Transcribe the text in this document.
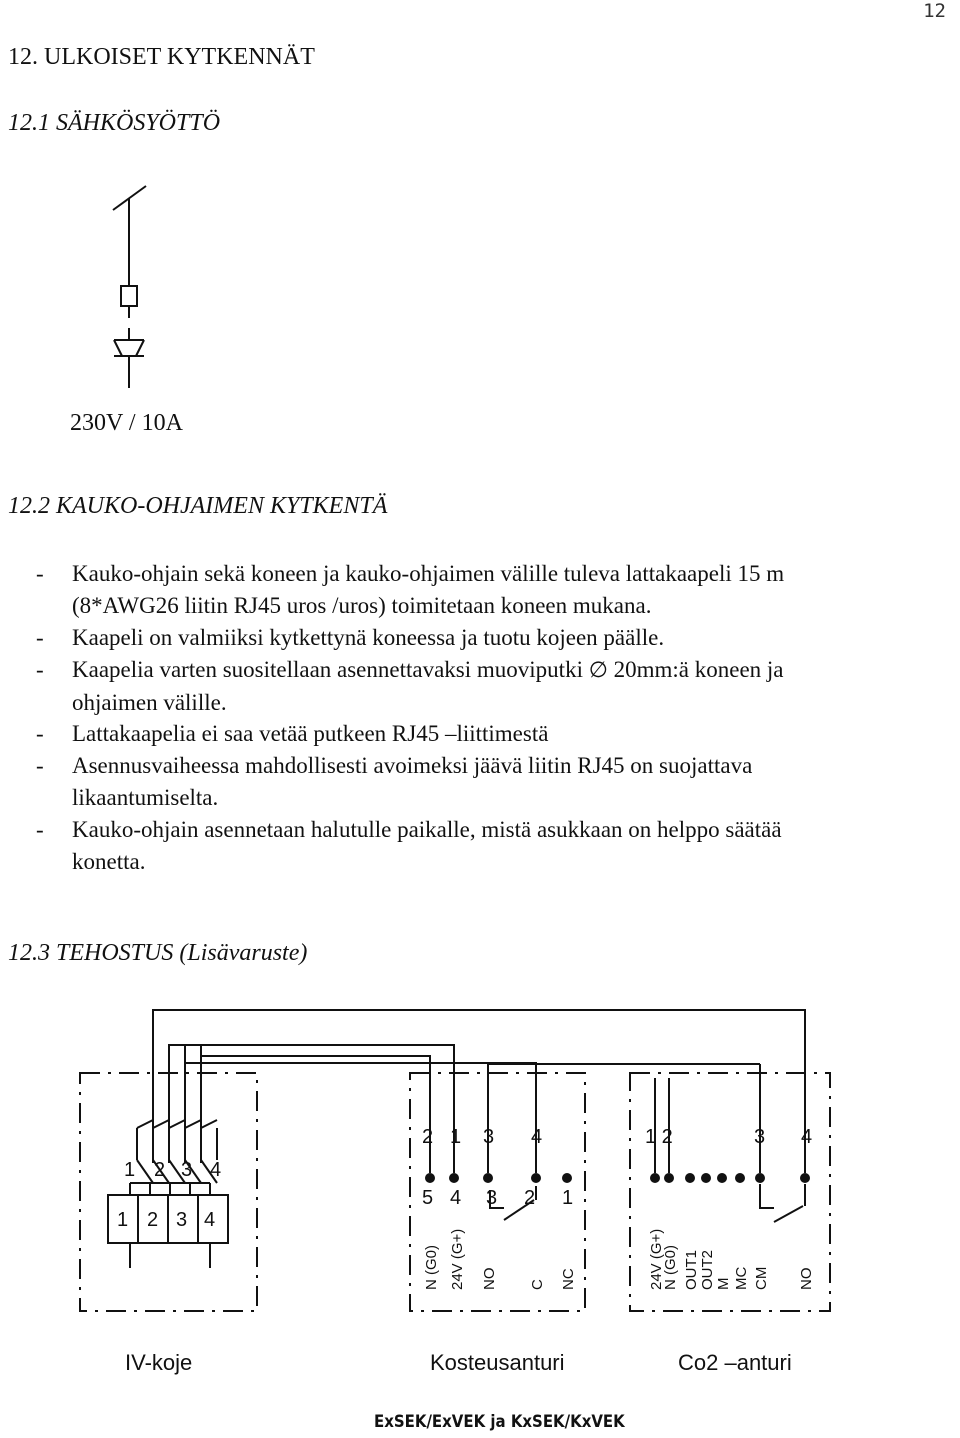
12
12. ULKOISET KYTKENNÄT
12.1 SÄHKÖSYÖTTÖ
230V / 10A
12.2 KAUKO-OHJAIMEN KYTKENTÄ
- Kauko-ohjain sekä koneen ja kauko-ohjaimen välille tuleva lattakaapeli 15 m
(8*AWG26 liitin RJ45 uros /uros) toimitetaan koneen mukana.
- Kaapeli on valmiiksi kytkettynä koneessa ja tuotu kojeen päälle.
- Kaapelia varten suositellaan asennettavaksi muoviputki ∅ 20mm:ä koneen ja
ohjaimen välille.
- Lattakaapelia ei saa vetää putkeen RJ45 –liittimestä
- Asennusvaiheessa mahdollisesti avoimeksi jäävä liitin RJ45 on suojattava
likaantumiselta.
- Kauko-ohjain asennetaan halutulle paikalle, mistä asukkaan on helppo säätää
konetta.
12.3 TEHOSTUS (Lisävaruste)
1 2 3 4
1 2 3 4
2 1 3 4
5 4 3 2 1
N (G0) 24V (G+) NO C NC
1 2	3 4
24V (G+)
N (G0) OUT1 OUT2 M MC CM NO
IV-koje	Kosteusanturi	Co2 –anturi
ExSEK/ExVEK ja KxSEK/KxVEK
